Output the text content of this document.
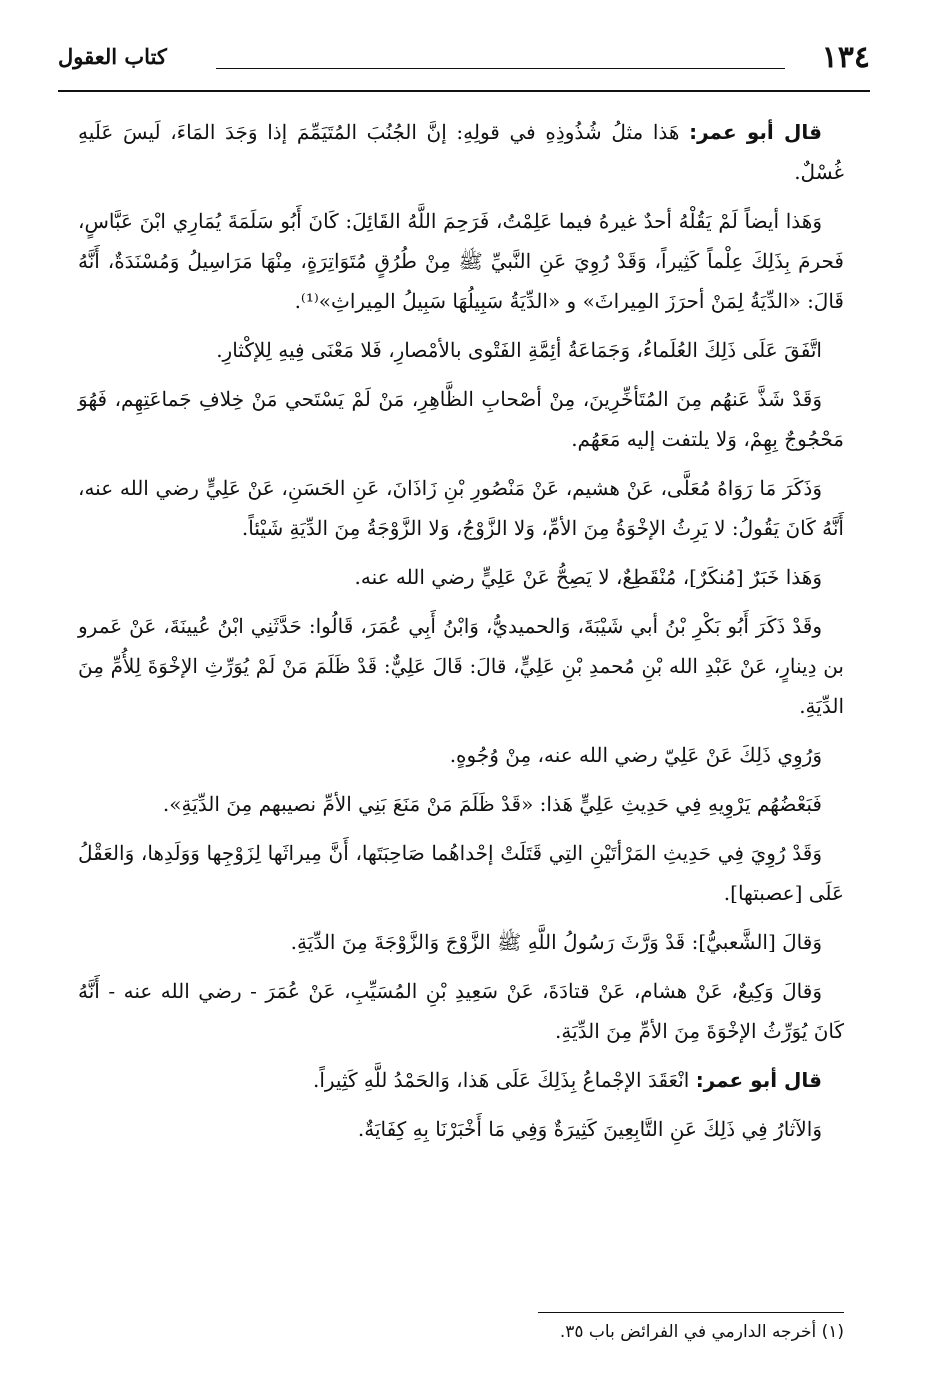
١٣٤
كتاب العقول

قال أبو عمر: هَذا مثلُ شُذُوذِهِ في قولِهِ: إنَّ الجُنُبَ المُتَيَمِّمَ إذا وَجَدَ المَاءَ، لَيسَ عَلَيهِ غُسْلٌ.

وَهَذا أيضاً لَمْ يَقُلْهُ أحدٌ غيرهُ فيما عَلِمْتُ، فَرَحِمَ اللَّهُ القَائِلَ: كَانَ أَبُو سَلَمَةَ يُمَارِي ابْنَ عَبَّاسٍ، فَحرمَ بِذَلِكَ عِلْماً كَثِيراً، وَقَدْ رُوِيَ عَنِ النَّبيِّ ﷺ مِنْ طُرُقٍ مُتَوَاتِرَةٍ، مِنْهَا مَرَاسِيلُ وَمُسْنَدَةٌ، أَنَّهُ قَالَ: «الدِّيَةُ لِمَنْ أحرَزَ المِيراثَ» و «الدِّيَةُ سَبِيلُهَا سَبِيلُ المِيراثِ»⁽¹⁾.

اتَّفَقَ عَلَى ذَلِكَ العُلَماءُ، وَجَمَاعَةُ أئِمَّةِ الفَتْوى بالأمْصارِ، فَلا مَعْنَى فِيهِ لِلإكْثارِ.

وَقَدْ شَذَّ عَنهُم مِنَ المُتَأخِّرِينَ، مِنْ أصْحابِ الظَّاهِرِ، مَنْ لَمْ يَسْتَحي مَنْ خِلافِ جَماعَتِهِم، فَهُوَ مَحْجُوجٌ بِهِمْ، وَلا يلتفت إليه مَعَهُم.

وَذَكَرَ مَا رَوَاهُ مُعَلَّى، عَنْ هشيم، عَنْ مَنْصُورِ بْنِ زَاذَانَ، عَنِ الحَسَنِ، عَنْ عَلِيٍّ رضي الله عنه، أَنَّهُ كَانَ يَقُولُ: لا يَرِثُ الإخْوَةُ مِنَ الأمِّ، وَلا الزَّوْجُ، وَلا الزَّوْجَةُ مِنَ الدِّيَةِ شَيْئاً.

وَهَذا خَبَرٌ [مُنكَرٌ]، مُنْقَطِعٌ، لا يَصِحُّ عَنْ عَلِيٍّ رضي الله عنه.

وقَدْ ذَكَرَ أَبُو بَكْرِ بْنُ أبي شَيْبَةَ، وَالحميديُّ، وَابْنُ أَبِي عُمَرَ، قَالُوا: حَدَّثَنِي ابْنُ عُيينَةَ، عَنْ عَمرو بن دِينارٍ، عَنْ عَبْدِ الله بْنِ مُحمدِ بْنِ عَلِيٍّ، قالَ: قَالَ عَلِيٌّ: قَدْ ظَلَمَ مَنْ لَمْ يُوَرِّثِ الإخْوَةَ لِلأُمِّ مِنَ الدِّيَةِ.

وَرُوِي ذَلِكَ عَنْ عَلِيّ رضي الله عنه، مِنْ وُجُوهٍ.

فَبَعْضُهُم يَرْوِيهِ فِي حَدِيثِ عَلِيٍّ هَذا: «قَدْ ظَلَمَ مَنْ مَنَعَ بَنِي الأمِّ نصيبهم مِنَ الدِّيَةِ».

وَقَدْ رُوِيَ فِي حَدِيثِ المَرْأتَيْنِ التِي قَتَلَتْ إحْداهُما صَاحِبَتَها، أَنَّ مِيراثَها لِزَوْجِها وَوَلَدِها، وَالعَقْلُ عَلَى [عصبتها].

وَقالَ [الشَّعبيُّ]: قَدْ وَرَّثَ رَسُولُ اللَّهِ ﷺ الزَّوْجَ وَالزَّوْجَةَ مِنَ الدِّيَةِ.

وَقالَ وَكِيعٌ، عَنْ هشام، عَنْ قتادَةَ، عَنْ سَعِيدِ بْنِ المُسَيِّبِ، عَنْ عُمَرَ - رضي الله عنه - أَنَّهُ كَانَ يُوَرِّثُ الإخْوَةَ مِنَ الأمِّ مِنَ الدِّيَةِ.

قال أبو عمر: انْعَقَدَ الإجْماعُ بِذَلِكَ عَلَى هَذا، وَالحَمْدُ للَّهِ كَثِيراً.

وَالآثارُ فِي ذَلِكَ عَنِ التَّابِعِينَ كَثِيرَةٌ وَفِي مَا أَخْبَرْنَا بِهِ كِفَايَةٌ.

(١) أخرجه الدارمي في الفرائض باب ٣٥.
